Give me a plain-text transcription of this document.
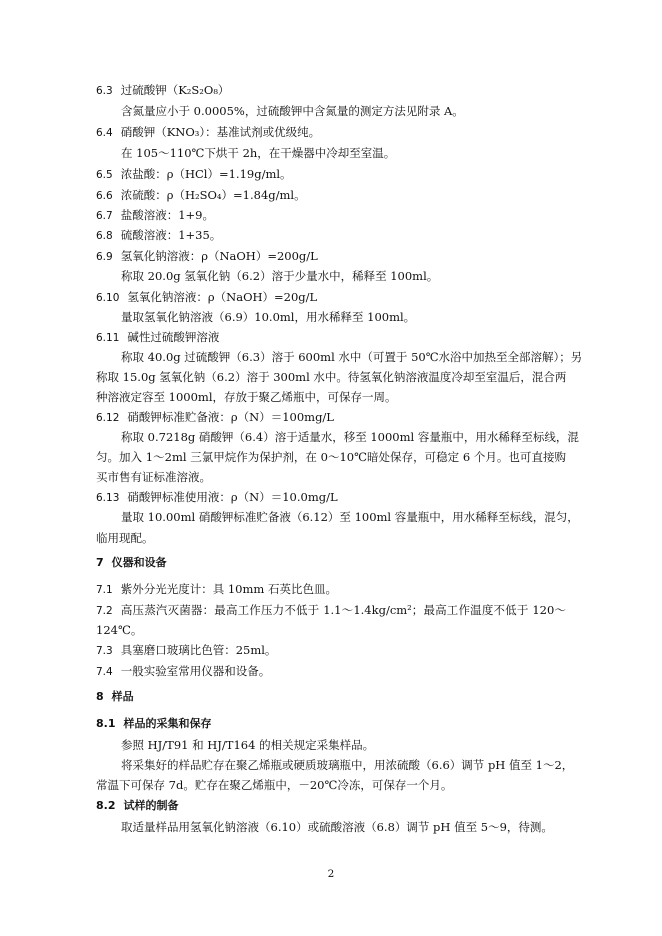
6.3 过硫酸钾（K₂S₂O₈）
含氮量应小于 0.0005%，过硫酸钾中含氮量的测定方法见附录 A。
6.4 硝酸钾（KNO₃）：基准试剂或优级纯。
在 105～110℃下烘干 2h，在干燥器中冷却至室温。
6.5 浓盐酸：ρ（HCl）=1.19g/ml。
6.6 浓硫酸：ρ（H₂SO₄）=1.84g/ml。
6.7 盐酸溶液：1+9。
6.8 硫酸溶液：1+35。
6.9 氢氧化钠溶液：ρ（NaOH）=200g/L
称取 20.0g 氢氧化钠（6.2）溶于少量水中，稀释至 100ml。
6.10 氢氧化钠溶液：ρ（NaOH）=20g/L
量取氢氧化钠溶液（6.9）10.0ml，用水稀释至 100ml。
6.11 碱性过硫酸钾溶液
称取 40.0g 过硫酸钾（6.3）溶于 600ml 水中（可置于 50℃水浴中加热至全部溶解）；另
称取 15.0g 氢氧化钠（6.2）溶于 300ml 水中。待氢氧化钠溶液温度冷却至室温后，混合两
种溶液定容至 1000ml，存放于聚乙烯瓶中，可保存一周。
6.12 硝酸钾标准贮备液：ρ（N）＝100mg/L
称取 0.7218g 硝酸钾（6.4）溶于适量水，移至 1000ml 容量瓶中，用水稀释至标线，混
匀。加入 1～2ml 三氯甲烷作为保护剂，在 0～10℃暗处保存，可稳定 6 个月。也可直接购
买市售有证标准溶液。
6.13 硝酸钾标准使用液：ρ（N）＝10.0mg/L
量取 10.00ml 硝酸钾标准贮备液（6.12）至 100ml 容量瓶中，用水稀释至标线，混匀，
临用现配。
7 仪器和设备
7.1 紫外分光光度计：具 10mm 石英比色皿。
7.2 高压蒸汽灭菌器：最高工作压力不低于 1.1～1.4kg/cm²；最高工作温度不低于 120～
124℃。
7.3 具塞磨口玻璃比色管：25ml。
7.4 一般实验室常用仪器和设备。
8 样品
8.1 样品的采集和保存
参照 HJ/T91 和 HJ/T164 的相关规定采集样品。
将采集好的样品贮存在聚乙烯瓶或硬质玻璃瓶中，用浓硫酸（6.6）调节 pH 值至 1～2，
常温下可保存 7d。贮存在聚乙烯瓶中，－20℃冷冻，可保存一个月。
8.2 试样的制备
取适量样品用氢氧化钠溶液（6.10）或硫酸溶液（6.8）调节 pH 值至 5～9，待测。
2
